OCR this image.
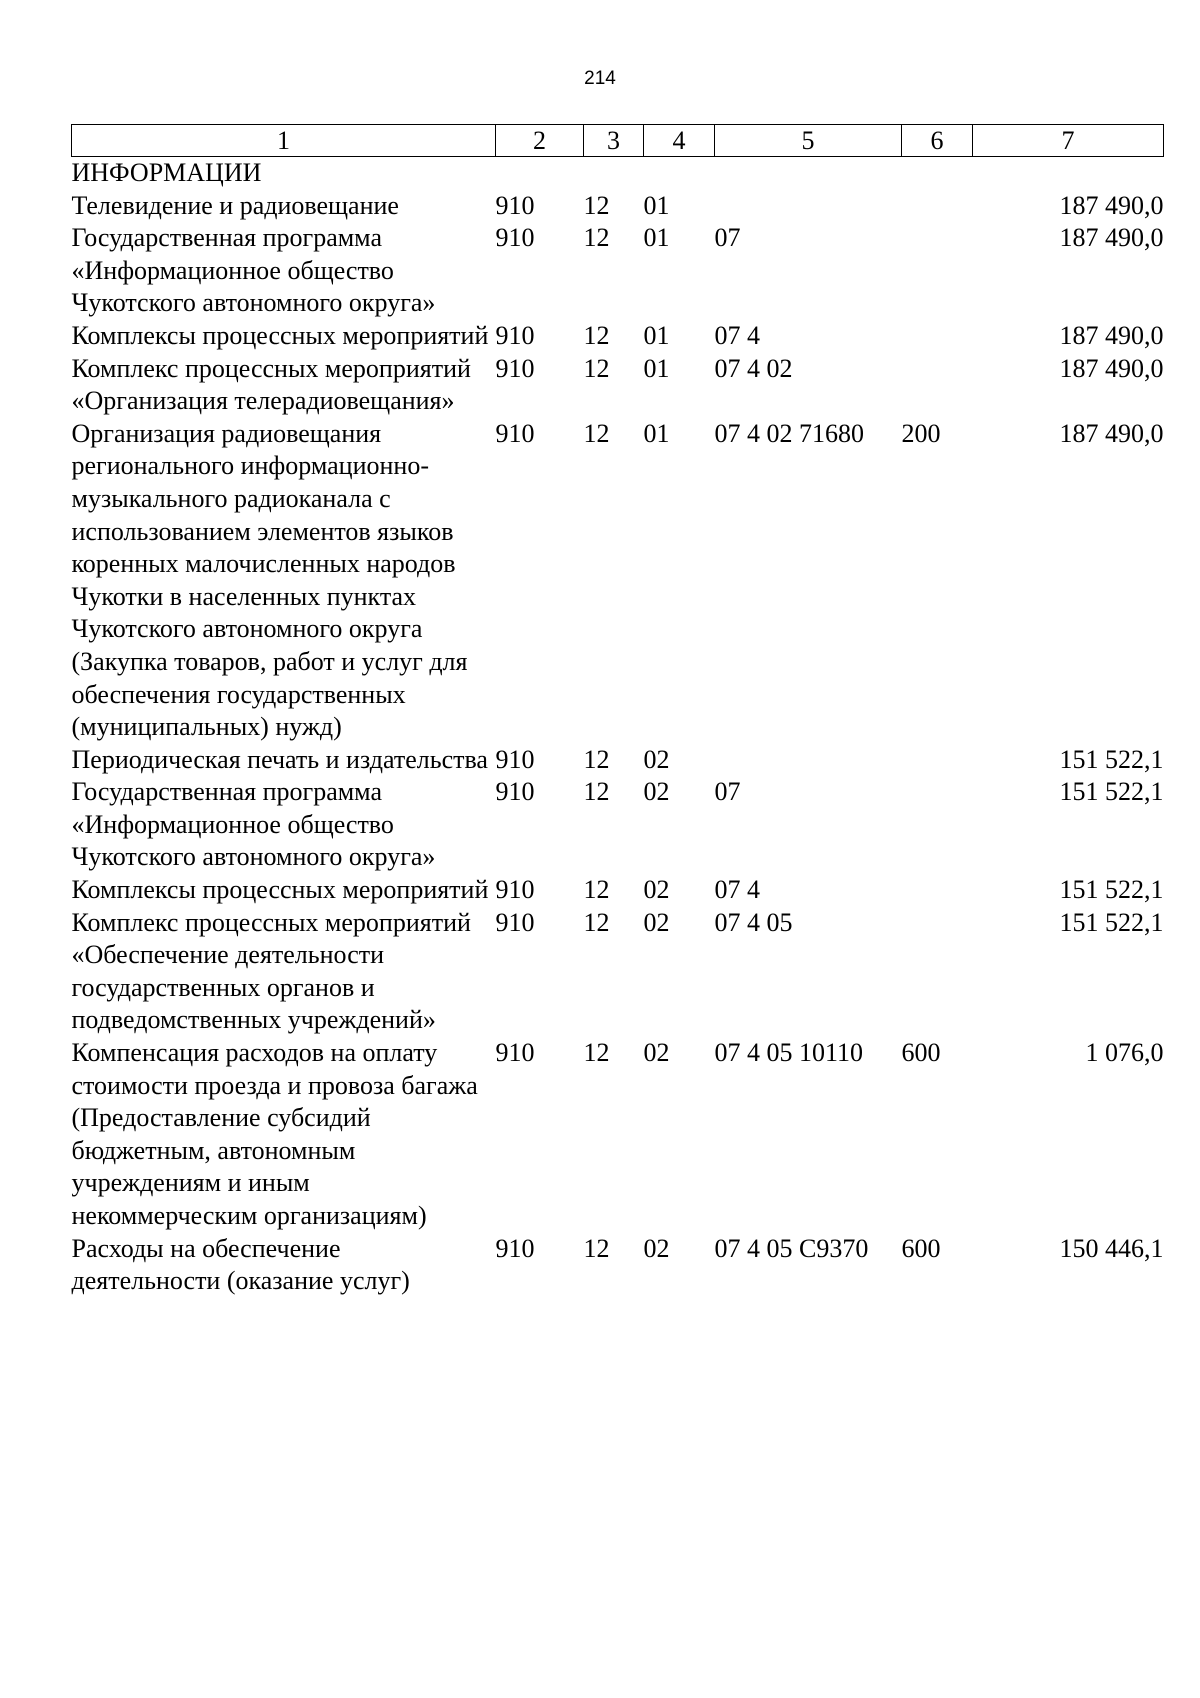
214
1	2	3	4	5	6	7
ИНФОРМАЦИИ						
Телевидение и радиовещание	910	12	01			187 490,0
Государственная программа «Информационное общество Чукотского автономного округа»	910	12	01	07		187 490,0
Комплексы процессных мероприятий	910	12	01	07 4		187 490,0
Комплекс процессных мероприятий «Организация телерадиовещания»	910	12	01	07 4 02		187 490,0
Организация радиовещания регионального информационно-музыкального радиоканала с использованием элементов языков коренных малочисленных народов Чукотки в населенных пунктах Чукотского автономного округа (Закупка товаров, работ и услуг для обеспечения государственных (муниципальных) нужд)	910	12	01	07 4 02 71680	200	187 490,0
Периодическая печать и издательства	910	12	02			151 522,1
Государственная программа «Информационное общество Чукотского автономного округа»	910	12	02	07		151 522,1
Комплексы процессных мероприятий	910	12	02	07 4		151 522,1
Комплекс процессных мероприятий «Обеспечение деятельности государственных органов и подведомственных учреждений»	910	12	02	07 4 05		151 522,1
Компенсация расходов на оплату стоимости проезда и провоза багажа (Предоставление субсидий бюджетным, автономным учреждениям и иным некоммерческим организациям)	910	12	02	07 4 05 10110	600	1 076,0
Расходы на обеспечение деятельности (оказание услуг)	910	12	02	07 4 05 С9370	600	150 446,1
